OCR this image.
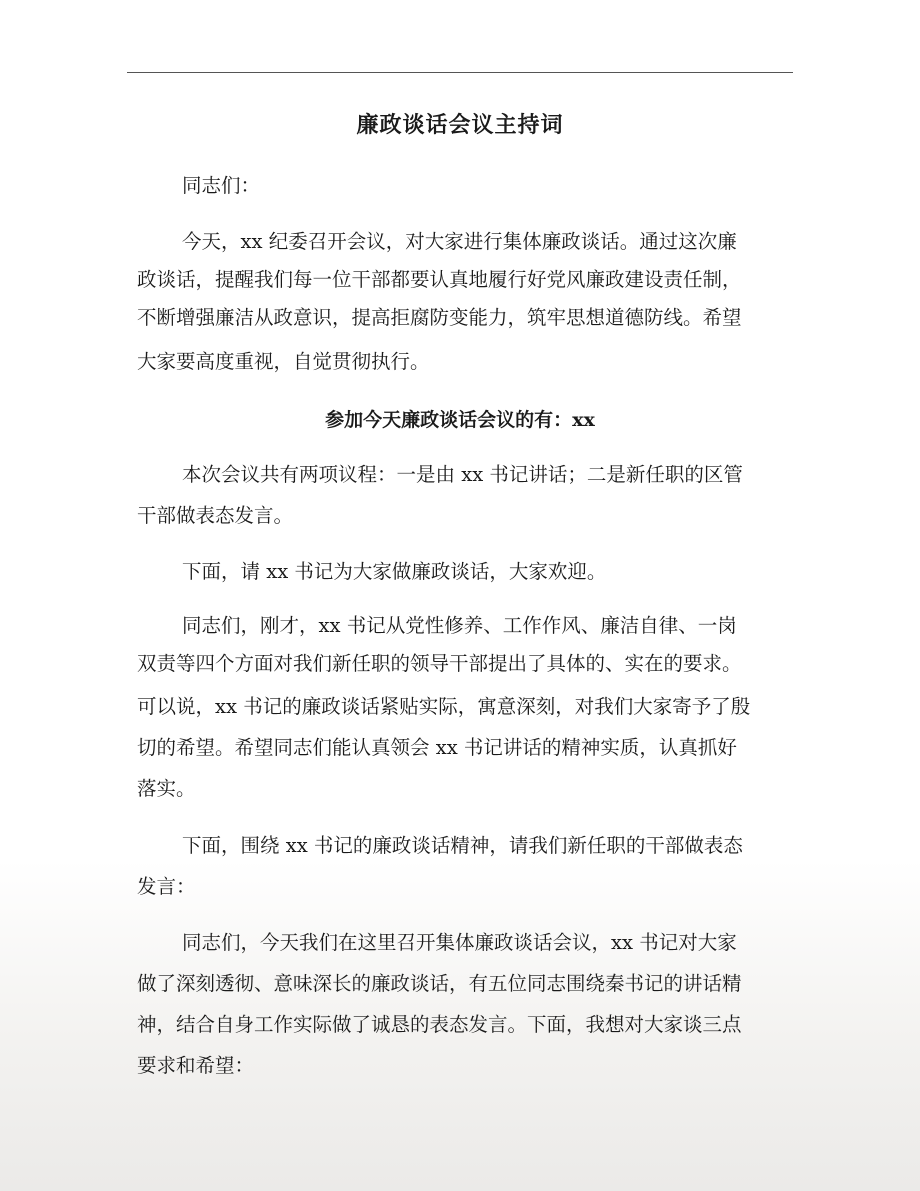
廉政谈话会议主持词
同志们：
今天，xx 纪委召开会议，对大家进行集体廉政谈话。通过这次廉
政谈话，提醒我们每一位干部都要认真地履行好党风廉政建设责任制，
不断增强廉洁从政意识，提高拒腐防变能力，筑牢思想道德防线。希望
大家要高度重视，自觉贯彻执行。
参加今天廉政谈话会议的有：xx
本次会议共有两项议程：一是由 xx 书记讲话；二是新任职的区管
干部做表态发言。
下面，请 xx 书记为大家做廉政谈话，大家欢迎。
同志们，刚才，xx 书记从党性修养、工作作风、廉洁自律、一岗
双责等四个方面对我们新任职的领导干部提出了具体的、实在的要求。
可以说，xx 书记的廉政谈话紧贴实际，寓意深刻，对我们大家寄予了殷
切的希望。希望同志们能认真领会 xx 书记讲话的精神实质，认真抓好
落实。
下面，围绕 xx 书记的廉政谈话精神，请我们新任职的干部做表态
发言：
同志们，今天我们在这里召开集体廉政谈话会议，xx 书记对大家
做了深刻透彻、意味深长的廉政谈话，有五位同志围绕秦书记的讲话精
神，结合自身工作实际做了诚恳的表态发言。下面，我想对大家谈三点
要求和希望：
